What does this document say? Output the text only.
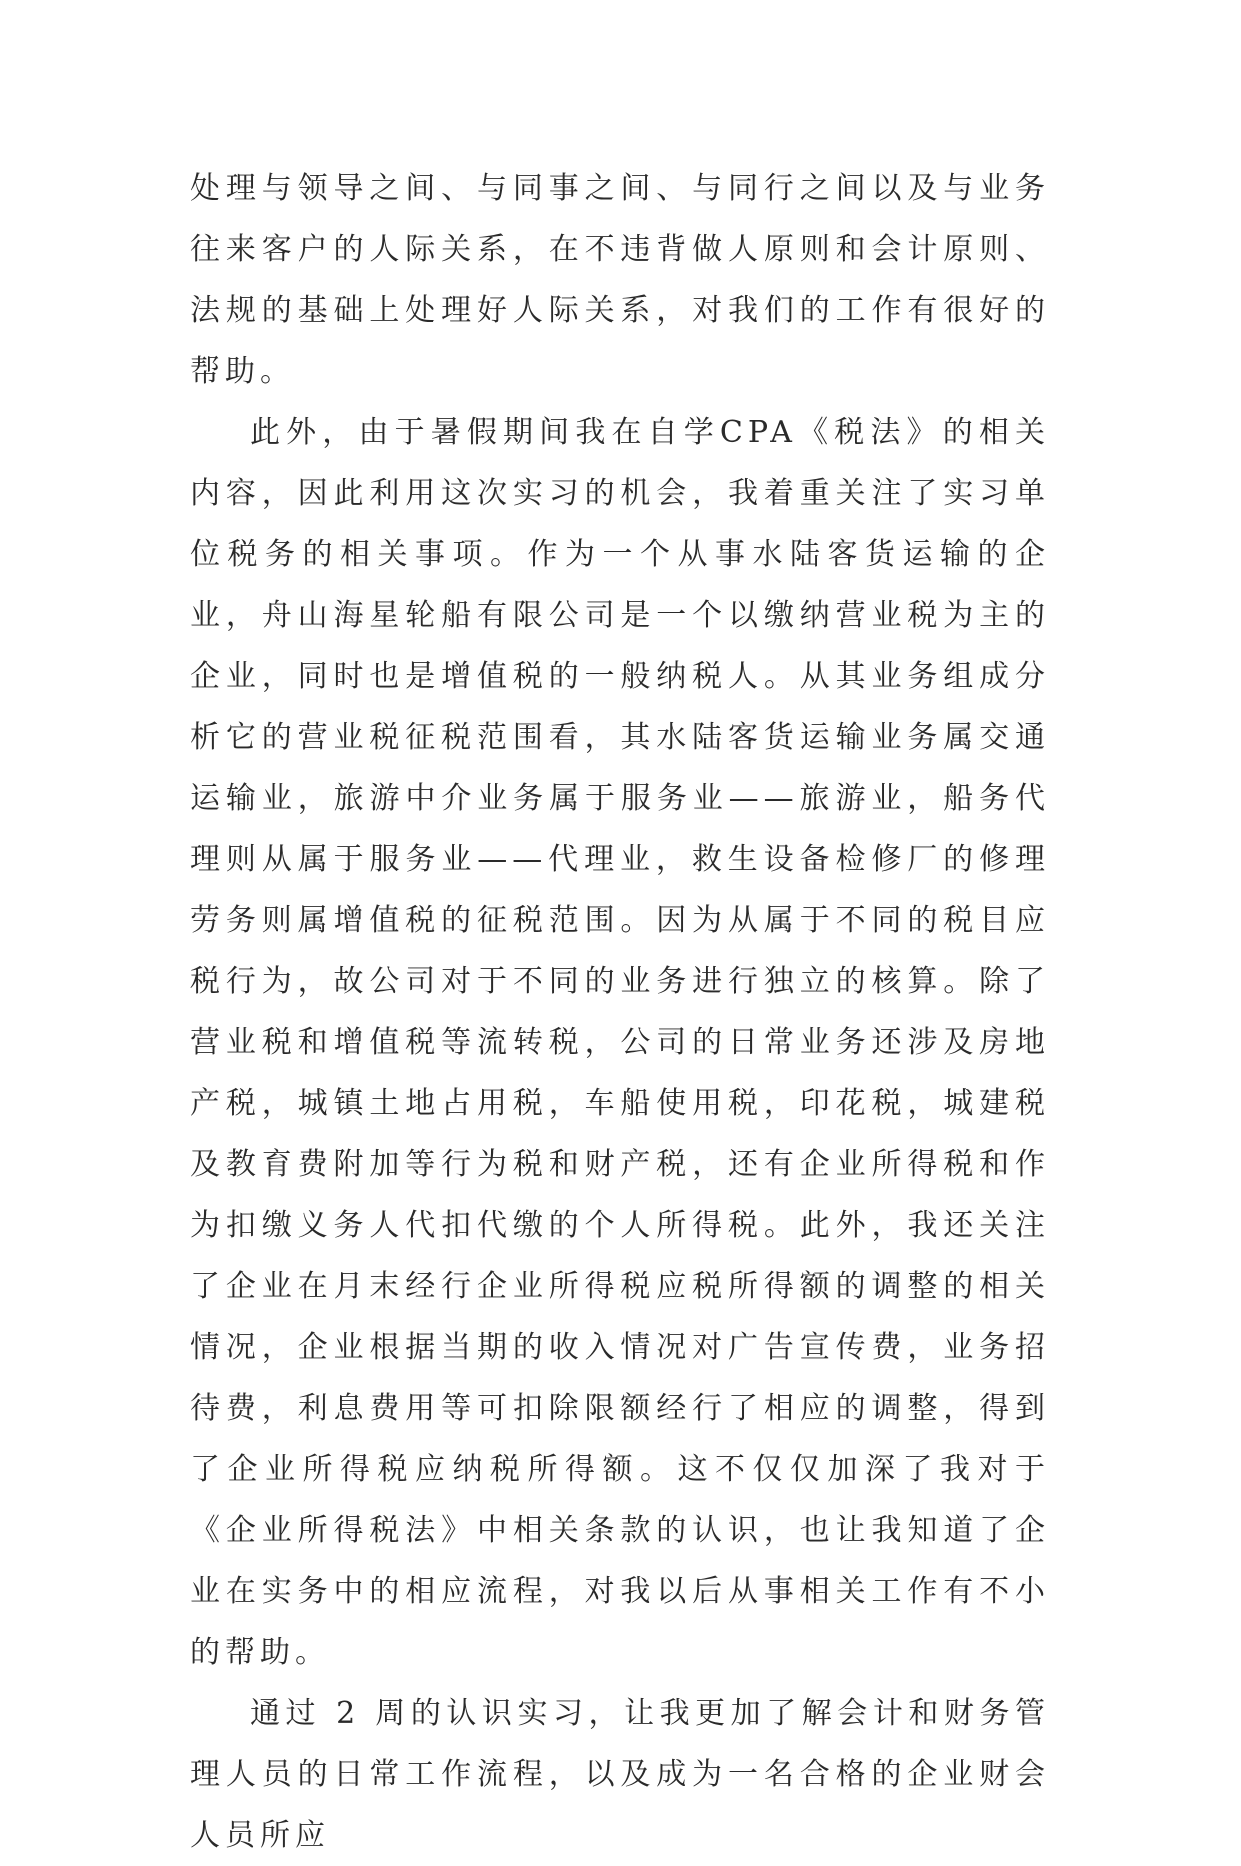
处理与领导之间、与同事之间、与同行之间以及与业务往来客户的人际关系，在不违背做人原则和会计原则、法规的基础上处理好人际关系，对我们的工作有很好的帮助。

此外，由于暑假期间我在自学CPA《税法》的相关内容，因此利用这次实习的机会，我着重关注了实习单位税务的相关事项。作为一个从事水陆客货运输的企业，舟山海星轮船有限公司是一个以缴纳营业税为主的企业，同时也是增值税的一般纳税人。从其业务组成分析它的营业税征税范围看，其水陆客货运输业务属交通运输业，旅游中介业务属于服务业——旅游业，船务代理则从属于服务业——代理业，救生设备检修厂的修理劳务则属增值税的征税范围。因为从属于不同的税目应税行为，故公司对于不同的业务进行独立的核算。除了营业税和增值税等流转税，公司的日常业务还涉及房地产税，城镇土地占用税，车船使用税，印花税，城建税及教育费附加等行为税和财产税，还有企业所得税和作为扣缴义务人代扣代缴的个人所得税。此外，我还关注了企业在月末经行企业所得税应税所得额的调整的相关情况，企业根据当期的收入情况对广告宣传费，业务招待费，利息费用等可扣除限额经行了相应的调整，得到了企业所得税应纳税所得额。这不仅仅加深了我对于《企业所得税法》中相关条款的认识，也让我知道了企业在实务中的相应流程，对我以后从事相关工作有不小的帮助。

通过 2 周的认识实习，让我更加了解会计和财务管理人员的日常工作流程，以及成为一名合格的企业财会人员所应
